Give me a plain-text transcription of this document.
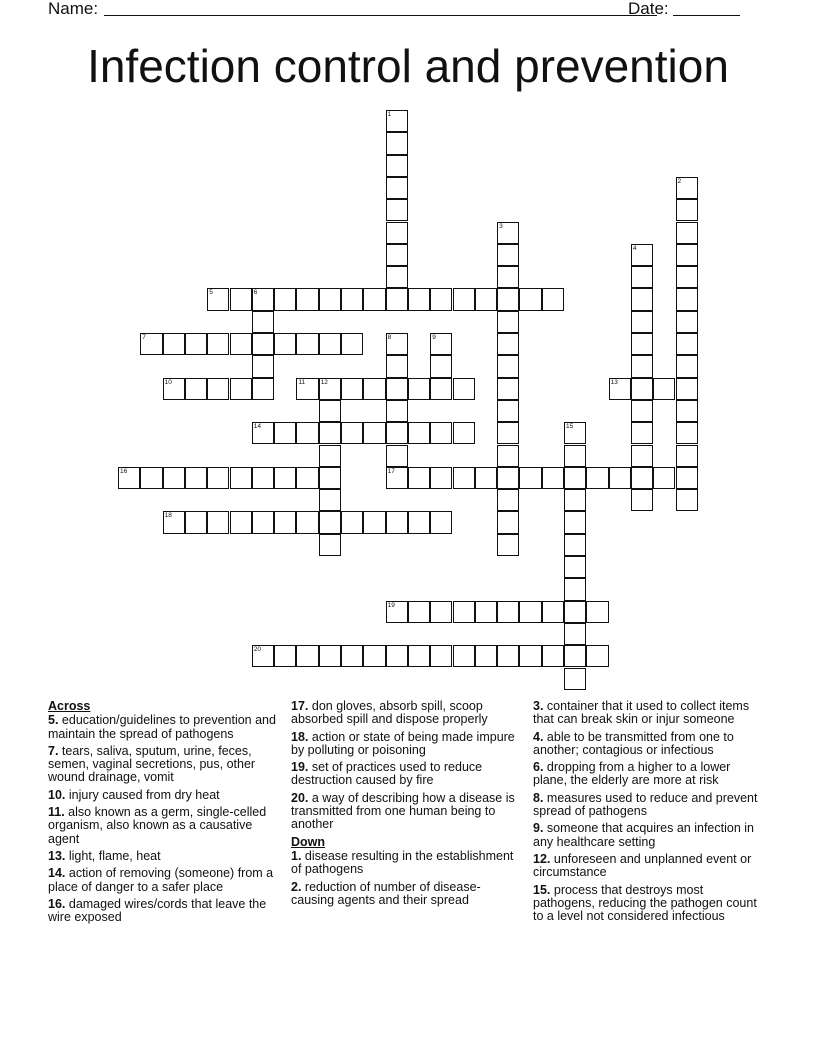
Name:	Date:
Infection control and prevention
1
2
3
4
5	6
7	8
17
9
10	11 12	13
14	15
16
18
19
20
Across
5. education/guidelines to prevention and maintain the spread of pathogens
7. tears, saliva, sputum, urine, feces, semen, vaginal secretions, pus, other wound drainage, vomit
10. injury caused from dry heat
11. also known as a germ, single-celled organism, also known as a causative agent
13. light, flame, heat
14. action of removing (someone) from a place of danger to a safer place
16. damaged wires/cords that leave the wire exposed
17. don gloves, absorb spill, scoop absorbed spill and dispose properly
18. action or state of being made impure by polluting or poisoning
19. set of practices used to reduce destruction caused by fire
20. a way of describing how a disease is transmitted from one human being to another
Down
1. disease resulting in the establishment of pathogens
2. reduction of number of disease-causing agents and their spread
3. container that it used to collect items that can break skin or injur someone
4. able to be transmitted from one to another; contagious or infectious
6. dropping from a higher to a lower plane, the elderly are more at risk
8. measures used to reduce and prevent spread of pathogens
9. someone that acquires an infection in any healthcare setting
12. unforeseen and unplanned event or circumstance
15. process that destroys most pathogens, reducing the pathogen count to a level not considered infectious
